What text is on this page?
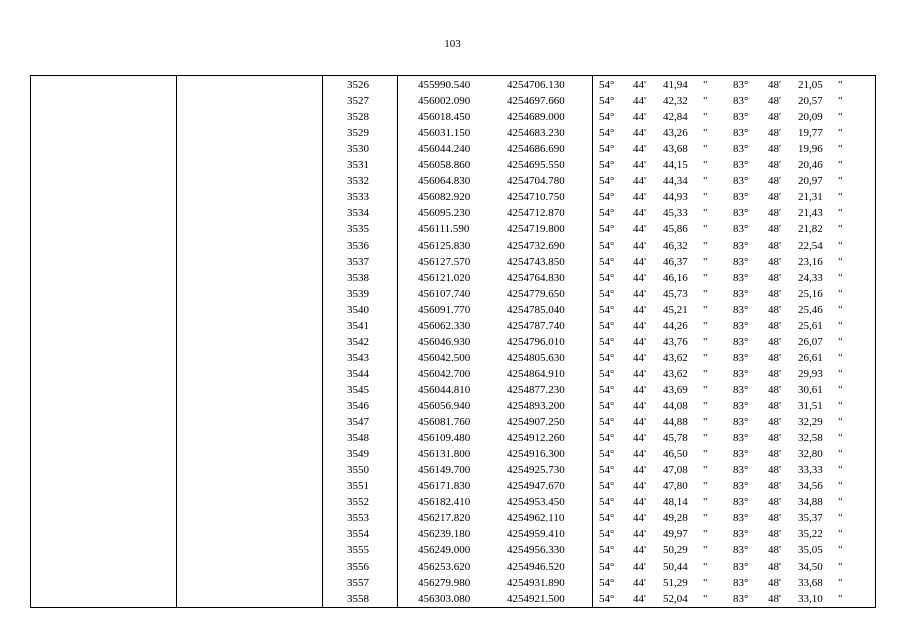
103
3526	455990.540	4254706.130	54° 44' 41,94 " 83° 48' 21,05 "
3527	456002.090	4254697.660	54° 44' 42,32 " 83° 48' 20,57 "
3528	456018.450	4254689.000	54° 44' 42,84 " 83° 48' 20,09 "
3529	456031.150	4254683.230	54° 44' 43,26 " 83° 48' 19,77 "
3530	456044.240	4254686.690	54° 44' 43,68 " 83° 48' 19,96 "
3531	456058.860	4254695.550	54° 44' 44,15 " 83° 48' 20,46 "
3532	456064.830	4254704.780	54° 44' 44,34 " 83° 48' 20,97 "
3533	456082.920	4254710.750	54° 44' 44,93 " 83° 48' 21,31 "
3534	456095.230	4254712.870	54° 44' 45,33 " 83° 48' 21,43 "
3535	456111.590	4254719.800	54° 44' 45,86 " 83° 48' 21,82 "
3536	456125.830	4254732.690	54° 44' 46,32 " 83° 48' 22,54 "
3537	456127.570	4254743.850	54° 44' 46,37 " 83° 48' 23,16 "
3538	456121.020	4254764.830	54° 44' 46,16 " 83° 48' 24,33 "
3539	456107.740	4254779.650	54° 44' 45,73 " 83° 48' 25,16 "
3540	456091.770	4254785.040	54° 44' 45,21 " 83° 48' 25,46 "
3541	456062.330	4254787.740	54° 44' 44,26 " 83° 48' 25,61 "
3542	456046.930	4254796.010	54° 44' 43,76 " 83° 48' 26,07 "
3543	456042.500	4254805.630	54° 44' 43,62 " 83° 48' 26,61 "
3544	456042.700	4254864.910	54° 44' 43,62 " 83° 48' 29,93 "
3545	456044.810	4254877.230	54° 44' 43,69 " 83° 48' 30,61 "
3546	456056.940	4254893.200	54° 44' 44,08 " 83° 48' 31,51 "
3547	456081.760	4254907.250	54° 44' 44,88 " 83° 48' 32,29 "
3548	456109.480	4254912.260	54° 44' 45,78 " 83° 48' 32,58 "
3549	456131.800	4254916.300	54° 44' 46,50 " 83° 48' 32,80 "
3550	456149.700	4254925.730	54° 44' 47,08 " 83° 48' 33,33 "
3551	456171.830	4254947.670	54° 44' 47,80 " 83° 48' 34,56 "
3552	456182.410	4254953.450	54° 44' 48,14 " 83° 48' 34,88 "
3553	456217.820	4254962.110	54° 44' 49,28 " 83° 48' 35,37 "
3554	456239.180	4254959.410	54° 44' 49,97 " 83° 48' 35,22 "
3555	456249.000	4254956.330	54° 44' 50,29 " 83° 48' 35,05 "
3556	456253.620	4254946.520	54° 44' 50,44 " 83° 48' 34,50 "
3557	456279.980	4254931.890	54° 44' 51,29 " 83° 48' 33,68 "
3558	456303.080	4254921.500	54° 44' 52,04 " 83° 48' 33,10 "
